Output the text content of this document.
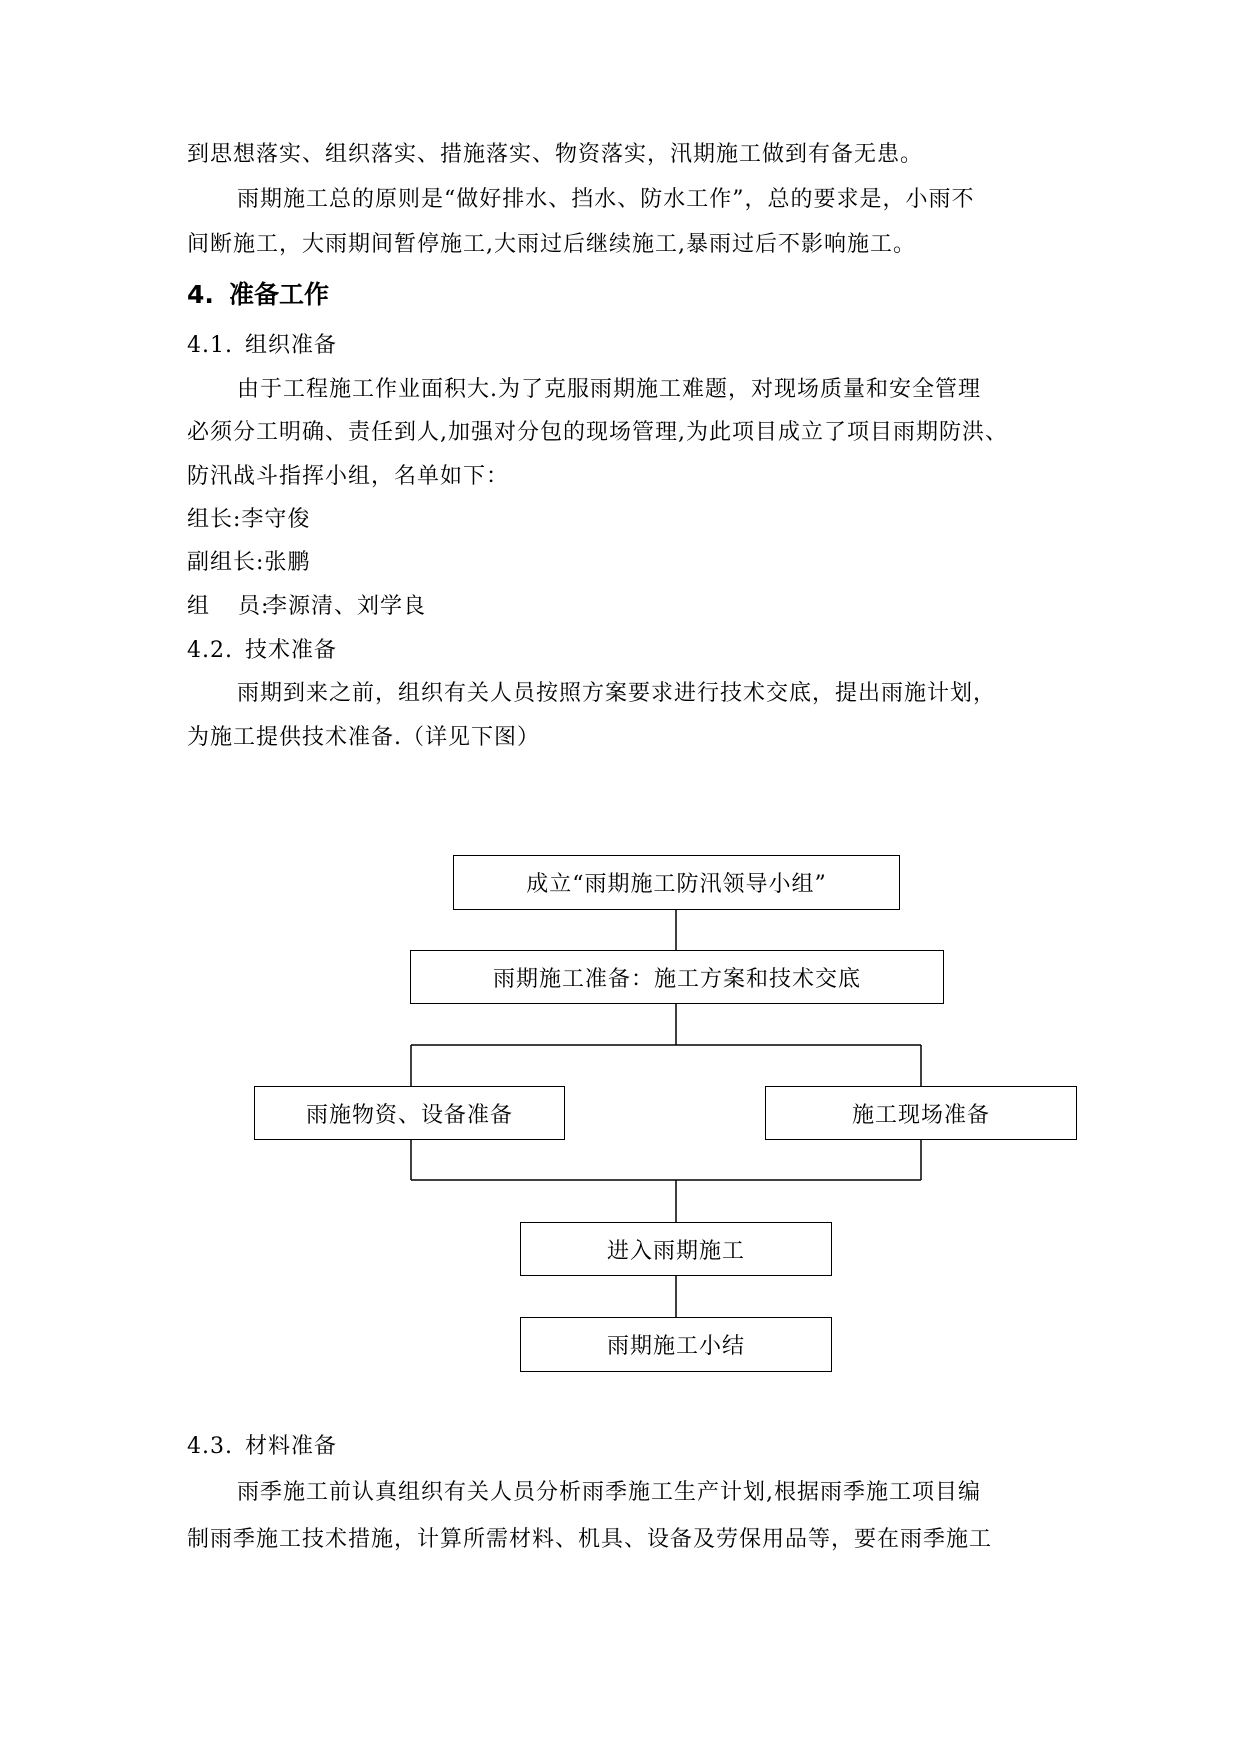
到思想落实、组织落实、措施落实、物资落实，汛期施工做到有备无患。
雨期施工总的原则是“做好排水、挡水、防水工作”，总的要求是，小雨不
间断施工，大雨期间暂停施工,大雨过后继续施工,暴雨过后不影响施工。
4. 准备工作
4.1. 组织准备
由于工程施工作业面积大.为了克服雨期施工难题，对现场质量和安全管理
必须分工明确、责任到人,加强对分包的现场管理,为此项目成立了项目雨期防洪、
防汛战斗指挥小组，名单如下：
组长:李守俊
副组长:张鹏
组 员:李源清、刘学良
4.2. 技术准备
雨期到来之前，组织有关人员按照方案要求进行技术交底，提出雨施计划，
为施工提供技术准备.（详见下图）
成立“雨期施工防汛领导小组”
雨期施工准备：施工方案和技术交底
雨施物资、设备准备	施工现场准备
进入雨期施工
雨期施工小结
4.3. 材料准备
雨季施工前认真组织有关人员分析雨季施工生产计划,根据雨季施工项目编
制雨季施工技术措施，计算所需材料、机具、设备及劳保用品等，要在雨季施工
